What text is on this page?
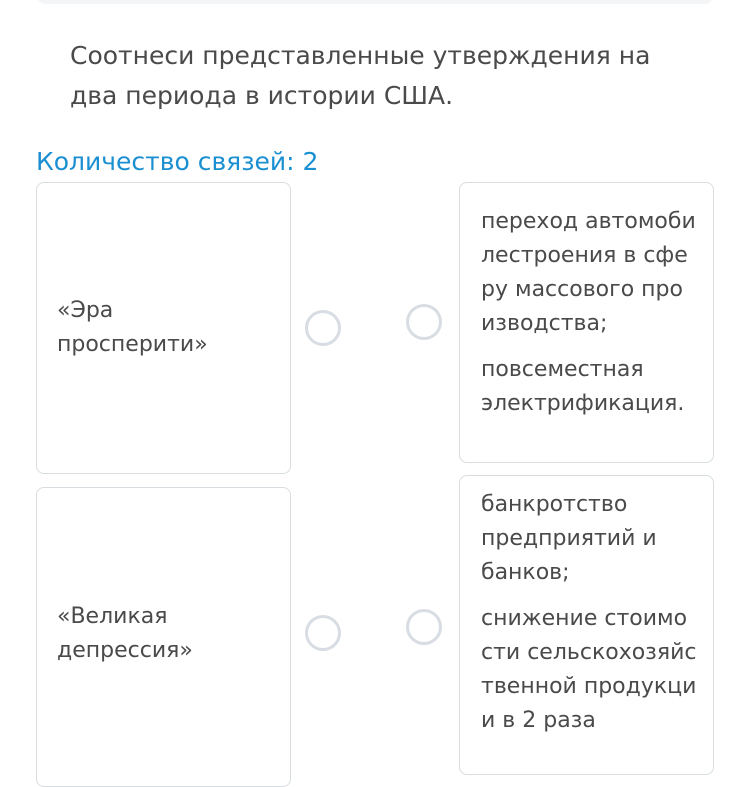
Соотнеси представленные утверждения на два периода в истории США.
Количество связей: 2
«Эра просперити»
переход автомобилестроения в сферу массового производства;
повсеместная электрификация.
«Великая депрессия»
банкротство предприятий и банков;
снижение стоимости сельскохозяйственной продукции в 2 раза
